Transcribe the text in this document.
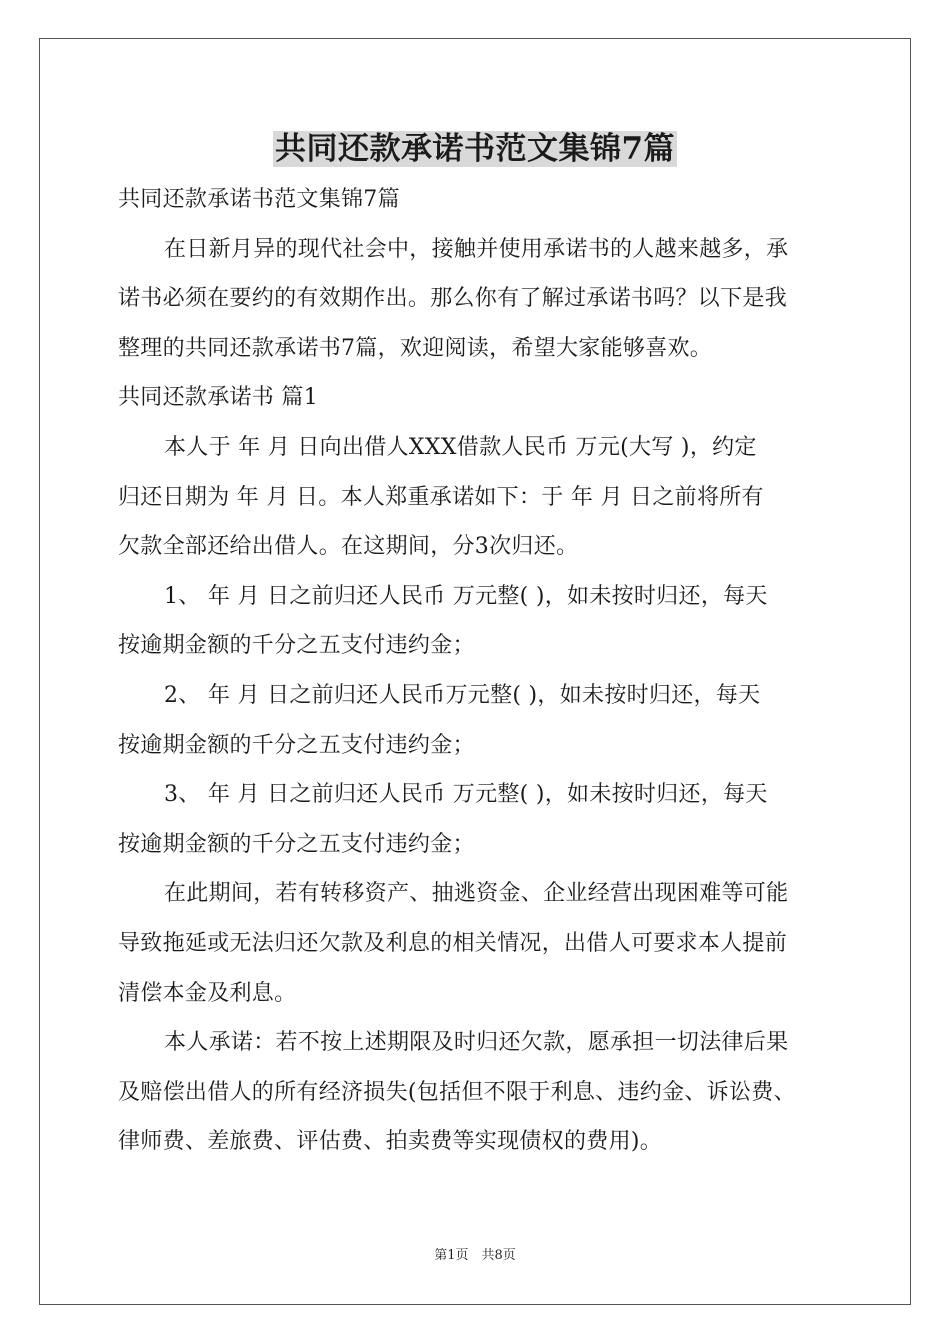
共同还款承诺书范文集锦7篇
共同还款承诺书范文集锦7篇
在日新月异的现代社会中，接触并使用承诺书的人越来越多，承
诺书必须在要约的有效期作出。那么你有了解过承诺书吗？以下是我
整理的共同还款承诺书7篇，欢迎阅读，希望大家能够喜欢。
共同还款承诺书 篇1
本人于 年 月 日向出借人XXX借款人民币 万元(大写 )，约定
归还日期为 年 月 日。本人郑重承诺如下：于 年 月 日之前将所有
欠款全部还给出借人。在这期间，分3次归还。
1、 年 月 日之前归还人民币 万元整( )，如未按时归还，每天
按逾期金额的千分之五支付违约金；
2、 年 月 日之前归还人民币万元整( )，如未按时归还，每天
按逾期金额的千分之五支付违约金；
3、 年 月 日之前归还人民币 万元整( )，如未按时归还，每天
按逾期金额的千分之五支付违约金；
在此期间，若有转移资产、抽逃资金、企业经营出现困难等可能
导致拖延或无法归还欠款及利息的相关情况，出借人可要求本人提前
清偿本金及利息。
本人承诺：若不按上述期限及时归还欠款，愿承担一切法律后果
及赔偿出借人的所有经济损失(包括但不限于利息、违约金、诉讼费、
律师费、差旅费、评估费、拍卖费等实现债权的费用)。
第1页　共8页
